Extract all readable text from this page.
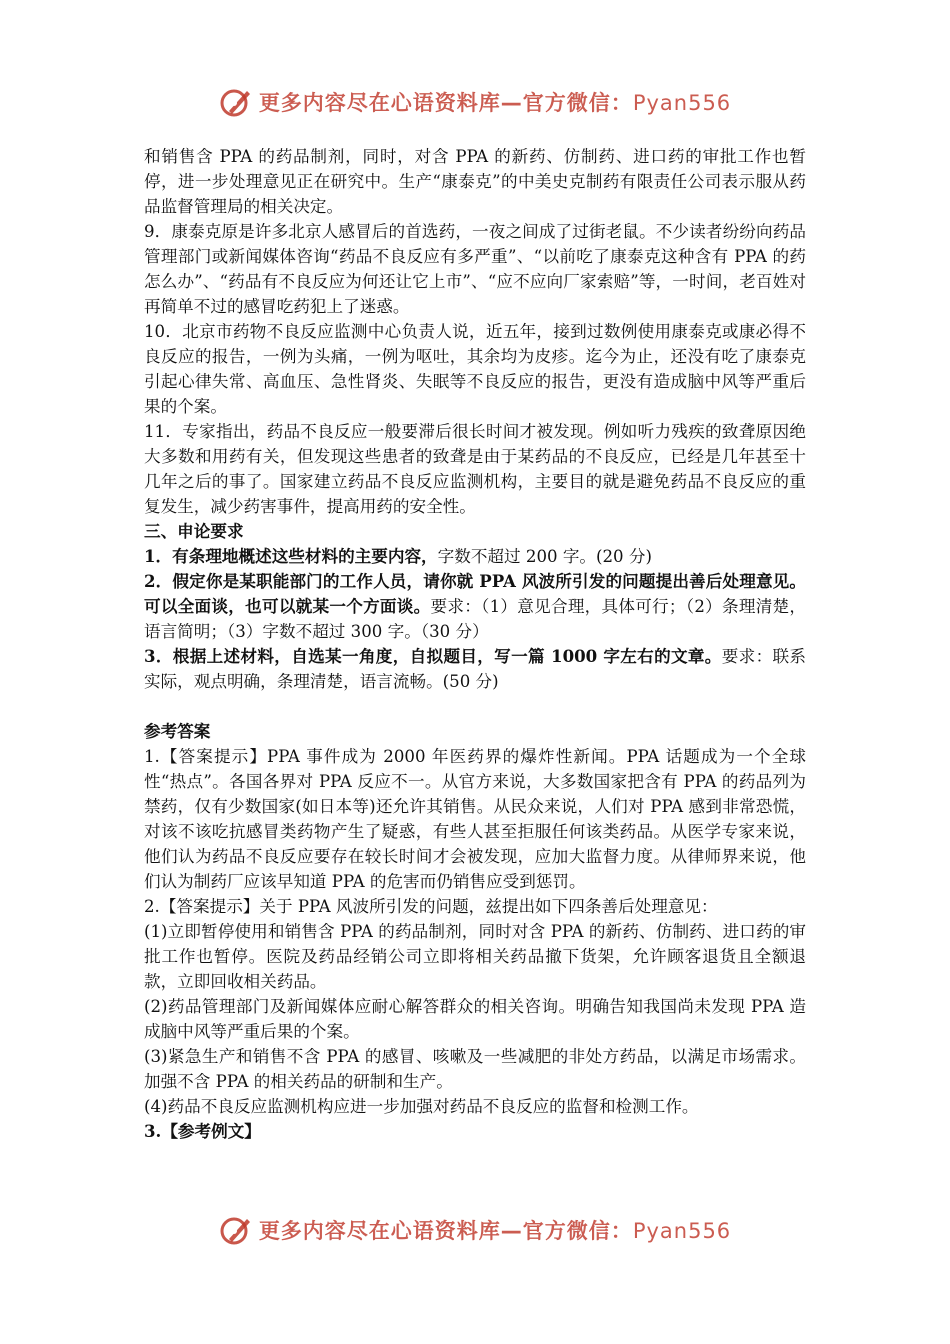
更多内容尽在心语资料库—官方微信：Pyan556

和销售含 PPA 的药品制剂，同时，对含 PPA 的新药、仿制药、进口药的审批工作也暂停，进一步处理意见正在研究中。生产“康泰克”的中美史克制药有限责任公司表示服从药品监督管理局的相关决定。

9．康泰克原是许多北京人感冒后的首选药，一夜之间成了过街老鼠。不少读者纷纷向药品管理部门或新闻媒体咨询“药品不良反应有多严重”、“以前吃了康泰克这种含有 PPA 的药怎么办”、“药品有不良反应为何还让它上市”、“应不应向厂家索赔”等，一时间，老百姓对再简单不过的感冒吃药犯上了迷惑。

10．北京市药物不良反应监测中心负责人说，近五年，接到过数例使用康泰克或康必得不良反应的报告，一例为头痛，一例为呕吐，其余均为皮疹。迄今为止，还没有吃了康泰克引起心律失常、高血压、急性肾炎、失眠等不良反应的报告，更没有造成脑中风等严重后果的个案。

11．专家指出，药品不良反应一般要滞后很长时间才被发现。例如听力残疾的致聋原因绝大多数和用药有关，但发现这些患者的致聋是由于某药品的不良反应，已经是几年甚至十几年之后的事了。国家建立药品不良反应监测机构，主要目的就是避免药品不良反应的重复发生，减少药害事件，提高用药的安全性。

三、申论要求

1．有条理地概述这些材料的主要内容，字数不超过 200 字。(20 分)

2．假定你是某职能部门的工作人员，请你就 PPA 风波所引发的问题提出善后处理意见。可以全面谈，也可以就某一个方面谈。要求：（1）意见合理，具体可行；（2）条理清楚，语言简明；（3）字数不超过 300 字。（30 分）

3．根据上述材料，自选某一角度，自拟题目，写一篇 1000 字左右的文章。要求：联系实际，观点明确，条理清楚，语言流畅。(50 分)

参考答案

1.【答案提示】PPA 事件成为 2000 年医药界的爆炸性新闻。PPA 话题成为一个全球性“热点”。各国各界对 PPA 反应不一。从官方来说，大多数国家把含有 PPA 的药品列为禁药，仅有少数国家(如日本等)还允许其销售。从民众来说，人们对 PPA 感到非常恐慌，对该不该吃抗感冒类药物产生了疑惑，有些人甚至拒服任何该类药品。从医学专家来说，他们认为药品不良反应要存在较长时间才会被发现，应加大监督力度。从律师界来说，他们认为制药厂应该早知道 PPA 的危害而仍销售应受到惩罚。

2.【答案提示】关于 PPA 风波所引发的问题，兹提出如下四条善后处理意见：

(1)立即暂停使用和销售含 PPA 的药品制剂，同时对含 PPA 的新药、仿制药、进口药的审批工作也暂停。医院及药品经销公司立即将相关药品撤下货架，允许顾客退货且全额退款，立即回收相关药品。

(2)药品管理部门及新闻媒体应耐心解答群众的相关咨询。明确告知我国尚未发现 PPA 造成脑中风等严重后果的个案。

(3)紧急生产和销售不含 PPA 的感冒、咳嗽及一些减肥的非处方药品，以满足市场需求。加强不含 PPA 的相关药品的研制和生产。

(4)药品不良反应监测机构应进一步加强对药品不良反应的监督和检测工作。

3.【参考例文】

更多内容尽在心语资料库—官方微信：Pyan556
